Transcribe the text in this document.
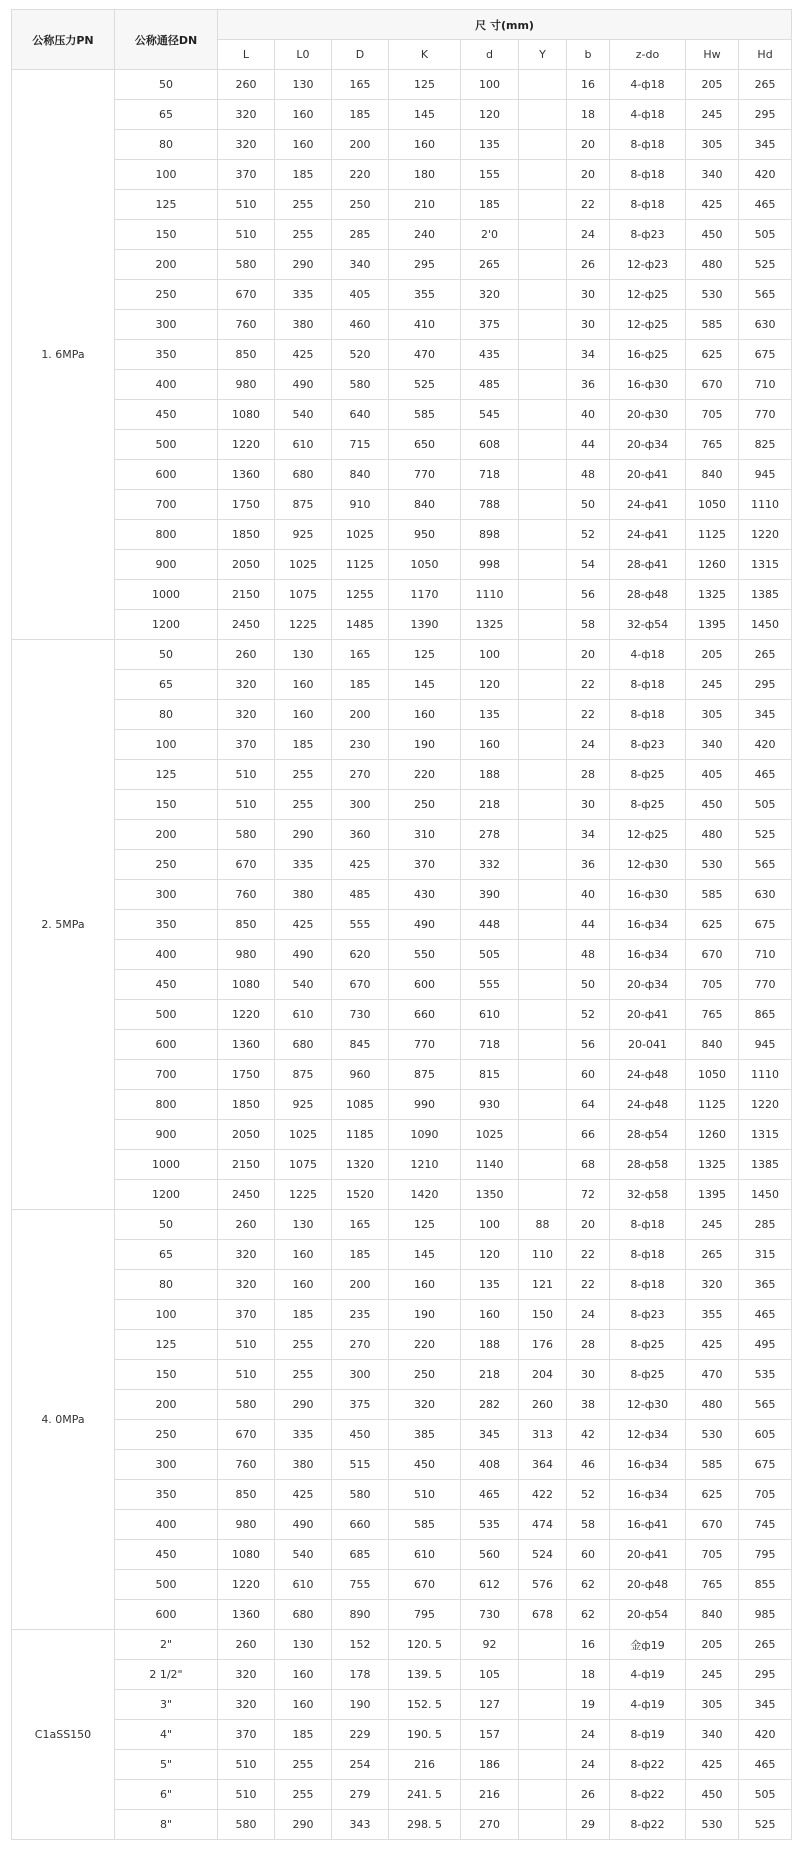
公称压力PN	公称通径DN	尺 寸(mm)									
		L	L0	D	K	d	Y	b	z-do	Hw	Hd
1. 6MPa	50	260	130	165	125	100		16	4-ф18	205	265
	65	320	160	185	145	120		18	4-ф18	245	295
	80	320	160	200	160	135		20	8-ф18	305	345
	100	370	185	220	180	155		20	8-ф18	340	420
	125	510	255	250	210	185		22	8-ф18	425	465
	150	510	255	285	240	2'0		24	8-ф23	450	505
	200	580	290	340	295	265		26	12-ф23	480	525
	250	670	335	405	355	320		30	12-ф25	530	565
	300	760	380	460	410	375		30	12-ф25	585	630
	350	850	425	520	470	435		34	16-ф25	625	675
	400	980	490	580	525	485		36	16-ф30	670	710
	450	1080	540	640	585	545		40	20-ф30	705	770
	500	1220	610	715	650	608		44	20-ф34	765	825
	600	1360	680	840	770	718		48	20-ф41	840	945
	700	1750	875	910	840	788		50	24-ф41	1050	1110
	800	1850	925	1025	950	898		52	24-ф41	1125	1220
	900	2050	1025	1125	1050	998		54	28-ф41	1260	1315
	1000	2150	1075	1255	1170	1110		56	28-ф48	1325	1385
	1200	2450	1225	1485	1390	1325		58	32-ф54	1395	1450
2. 5MPa	50	260	130	165	125	100		20	4-ф18	205	265
	65	320	160	185	145	120		22	8-ф18	245	295
	80	320	160	200	160	135		22	8-ф18	305	345
	100	370	185	230	190	160		24	8-ф23	340	420
	125	510	255	270	220	188		28	8-ф25	405	465
	150	510	255	300	250	218		30	8-ф25	450	505
	200	580	290	360	310	278		34	12-ф25	480	525
	250	670	335	425	370	332		36	12-ф30	530	565
	300	760	380	485	430	390		40	16-ф30	585	630
	350	850	425	555	490	448		44	16-ф34	625	675
	400	980	490	620	550	505		48	16-ф34	670	710
	450	1080	540	670	600	555		50	20-ф34	705	770
	500	1220	610	730	660	610		52	20-ф41	765	865
	600	1360	680	845	770	718		56	20-041	840	945
	700	1750	875	960	875	815		60	24-ф48	1050	1110
	800	1850	925	1085	990	930		64	24-ф48	1125	1220
	900	2050	1025	1185	1090	1025		66	28-ф54	1260	1315
	1000	2150	1075	1320	1210	1140		68	28-ф58	1325	1385
	1200	2450	1225	1520	1420	1350		72	32-ф58	1395	1450
4. 0MPa	50	260	130	165	125	100	88	20	8-ф18	245	285
	65	320	160	185	145	120	110	22	8-ф18	265	315
	80	320	160	200	160	135	121	22	8-ф18	320	365
	100	370	185	235	190	160	150	24	8-ф23	355	465
	125	510	255	270	220	188	176	28	8-ф25	425	495
	150	510	255	300	250	218	204	30	8-ф25	470	535
	200	580	290	375	320	282	260	38	12-ф30	480	565
	250	670	335	450	385	345	313	42	12-ф34	530	605
	300	760	380	515	450	408	364	46	16-ф34	585	675
	350	850	425	580	510	465	422	52	16-ф34	625	705
	400	980	490	660	585	535	474	58	16-ф41	670	745
	450	1080	540	685	610	560	524	60	20-ф41	705	795
	500	1220	610	755	670	612	576	62	20-ф48	765	855
	600	1360	680	890	795	730	678	62	20-ф54	840	985
C1aSS150	2"	260	130	152	120. 5	92		16	金ф19	205	265
	2 1/2"	320	160	178	139. 5	105		18	4-ф19	245	295
	3"	320	160	190	152. 5	127		19	4-ф19	305	345
	4"	370	185	229	190. 5	157		24	8-ф19	340	420
	5"	510	255	254	216	186		24	8-ф22	425	465
	6"	510	255	279	241. 5	216		26	8-ф22	450	505
	8"	580	290	343	298. 5	270		29	8-ф22	530	525
